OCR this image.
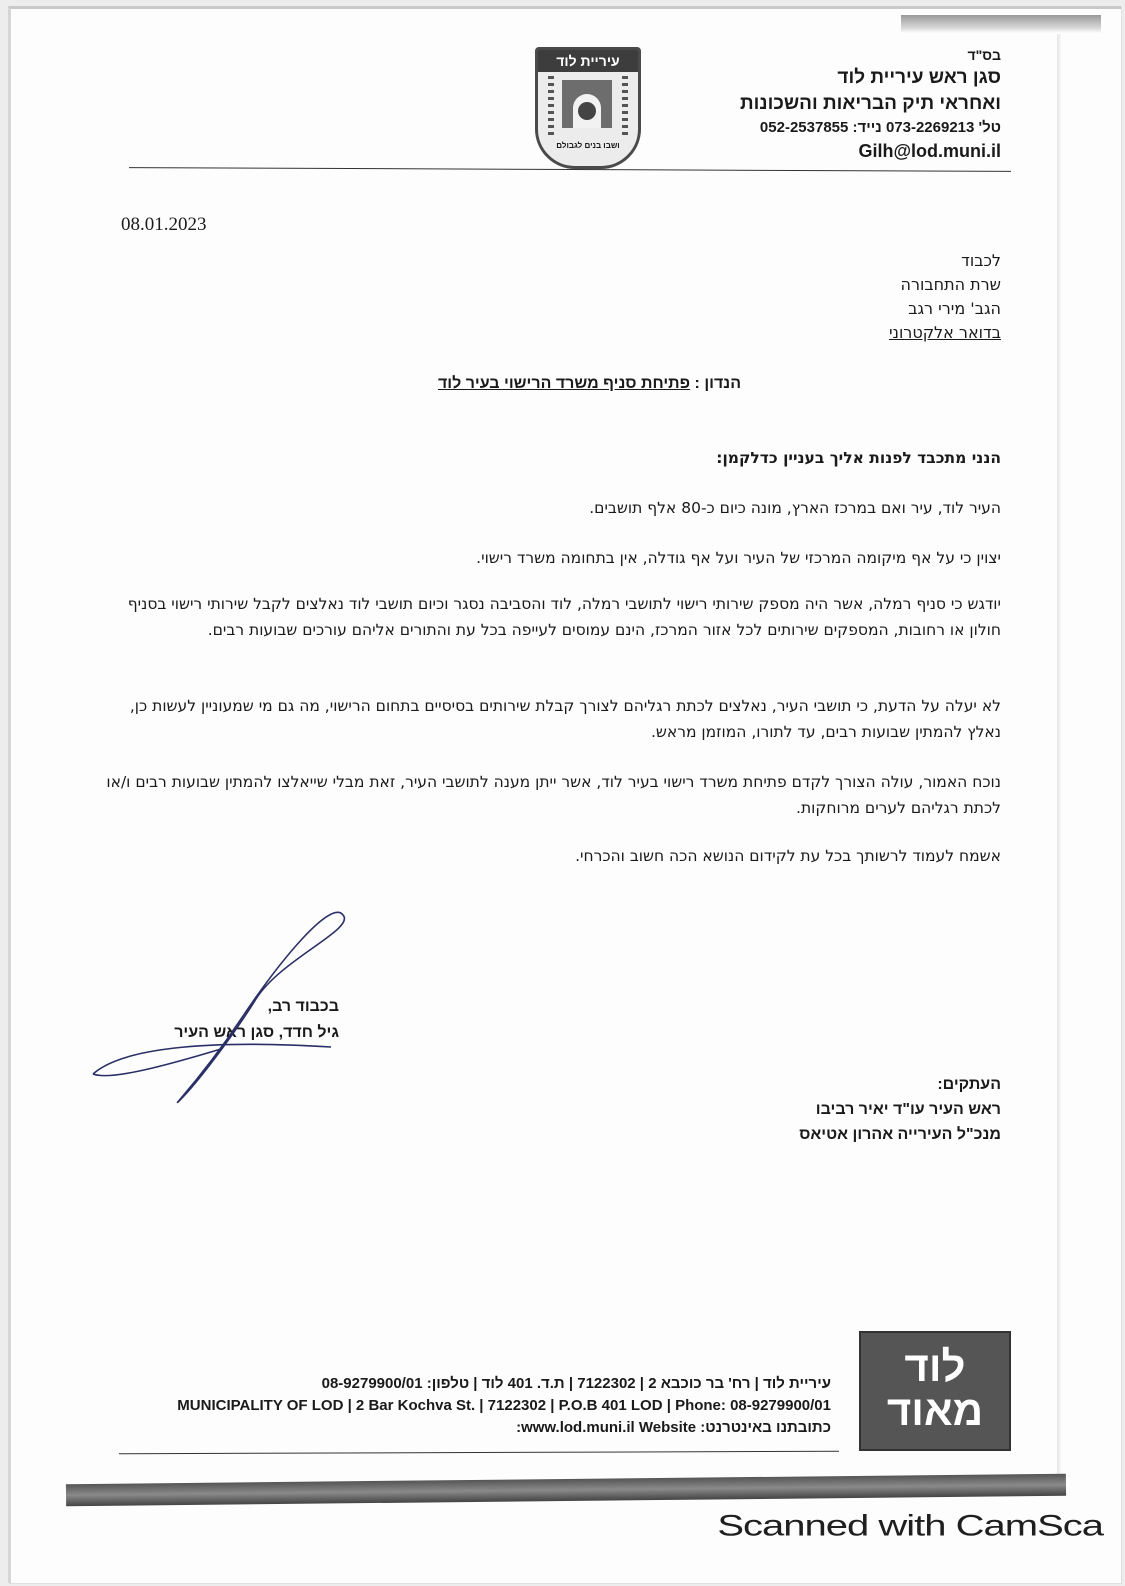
בס"ד
סגן ראש עיריית לוד
ואחראי תיק הבריאות והשכונות
טל' 073-2269213 נייד: 052-2537855
Gilh@lod.muni.il
עיריית לוד
ושבו בנים לגבולם
08.01.2023
לכבוד
שרת התחבורה
הגב' מירי רגב
בדואר אלקטרוני
הנדון : פתיחת סניף משרד הרישוי בעיר לוד
הנני מתכבד לפנות אליך בעניין כדלקמן:
העיר לוד, עיר ואם במרכז הארץ, מונה כיום כ-80 אלף תושבים.
יצוין כי על אף מיקומה המרכזי של העיר ועל אף גודלה, אין בתחומה משרד רישוי.
יודגש כי סניף רמלה, אשר היה מספק שירותי רישוי לתושבי רמלה, לוד והסביבה נסגר וכיום תושבי לוד נאלצים לקבל שירותי רישוי בסניף חולון או רחובות, המספקים שירותים לכל אזור המרכז, הינם עמוסים לעייפה בכל עת והתורים אליהם עורכים שבועות רבים.
לא יעלה על הדעת, כי תושבי העיר, נאלצים לכתת רגליהם לצורך קבלת שירותים בסיסיים בתחום הרישוי, מה גם מי שמעוניין לעשות כן, נאלץ להמתין שבועות רבים, עד לתורו, המוזמן מראש.
נוכח האמור, עולה הצורך לקדם פתיחת משרד רישוי בעיר לוד, אשר ייתן מענה לתושבי העיר, זאת מבלי שייאלצו להמתין שבועות רבים ו/או לכתת רגליהם לערים מרוחקות.
אשמח לעמוד לרשותך בכל עת לקידום הנושא הכה חשוב והכרחי.
בכבוד רב,
גיל חדד, סגן ראש העיר
העתקים:
ראש העיר עו"ד יאיר רביבו
מנכ"ל העירייה אהרון אטיאס
לוד מאוד
עיריית לוד | רח' בר כוכבא 2 | 7122302 | ת.ד. 401 לוד | טלפון: 08-9279900/01
MUNICIPALITY OF LOD | 2 Bar Kochva St. | 7122302 | P.O.B 401 LOD | Phone: 08-9279900/01
כתובתנו באינטרנט: www.lod.muni.il Website:
Scanned with CamSca
